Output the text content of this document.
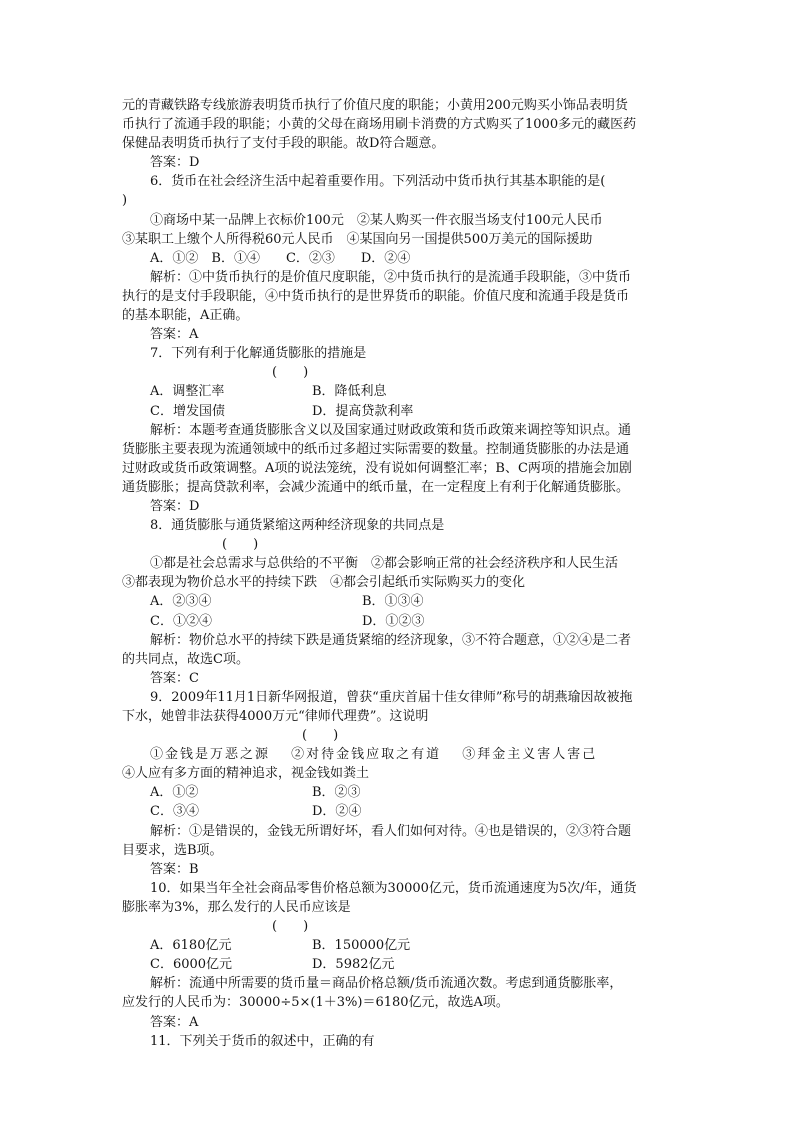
元的青藏铁路专线旅游表明货币执行了价值尺度的职能；小黄用200元购买小饰品表明货
币执行了流通手段的职能；小黄的父母在商场用刷卡消费的方式购买了1000多元的藏医药
保健品表明货币执行了支付手段的职能。故D符合题意。
答案：D
6．货币在社会经济生活中起着重要作用。下列活动中货币执行其基本职能的是(
)
①商场中某一品牌上衣标价100元　②某人购买一件衣服当场支付100元人民币
③某职工上缴个人所得税60元人民币　④某国向另一国提供500万美元的国际援助
A．①②　B．①④　　C．②③　　D．②④
解析：①中货币执行的是价值尺度职能，②中货币执行的是流通手段职能，③中货币
执行的是支付手段职能，④中货币执行的是世界货币的职能。价值尺度和流通手段是货币
的基本职能，A正确。
答案：A
7．下列有利于化解通货膨胀的措施是
(　　)
A．调整汇率	B．降低利息
C．增发国债	D．提高贷款利率
解析：本题考查通货膨胀含义以及国家通过财政政策和货币政策来调控等知识点。通
货膨胀主要表现为流通领域中的纸币过多超过实际需要的数量。控制通货膨胀的办法是通
过财政或货币政策调整。A项的说法笼统，没有说如何调整汇率；B、C两项的措施会加剧
通货膨胀；提高贷款利率，会减少流通中的纸币量，在一定程度上有利于化解通货膨胀。
答案：D
8．通货膨胀与通货紧缩这两种经济现象的共同点是
(　　)
①都是社会总需求与总供给的不平衡　②都会影响正常的社会经济秩序和人民生活
③都表现为物价总水平的持续下跌　④都会引起纸币实际购买力的变化
A．②③④	B．①③④
C．①②④	D．①②③
解析：物价总水平的持续下跌是通货紧缩的经济现象，③不符合题意，①②④是二者
的共同点，故选C项。
答案：C
9．2009年11月1日新华网报道，曾获“重庆首届十佳女律师”称号的胡燕瑜因故被拖
下水，她曾非法获得4000万元“律师代理费”。这说明
(　　)
①金钱是万恶之源　 ②对待金钱应取之有道　 ③拜金主义害人害己
④人应有多方面的精神追求，视金钱如粪土
A．①②	B．②③
C．③④	D．②④
解析：①是错误的，金钱无所谓好坏，看人们如何对待。④也是错误的，②③符合题
目要求，选B项。
答案：B
10．如果当年全社会商品零售价格总额为30000亿元，货币流通速度为5次/年，通货
膨胀率为3%，那么发行的人民币应该是
(　　)
A．6180亿元	B．150000亿元
C．6000亿元	D．5982亿元
解析：流通中所需要的货币量＝商品价格总额/货币流通次数。考虑到通货膨胀率，
应发行的人民币为：30000÷5×(1＋3%)＝6180亿元，故选A项。
答案：A
11．下列关于货币的叙述中，正确的有
